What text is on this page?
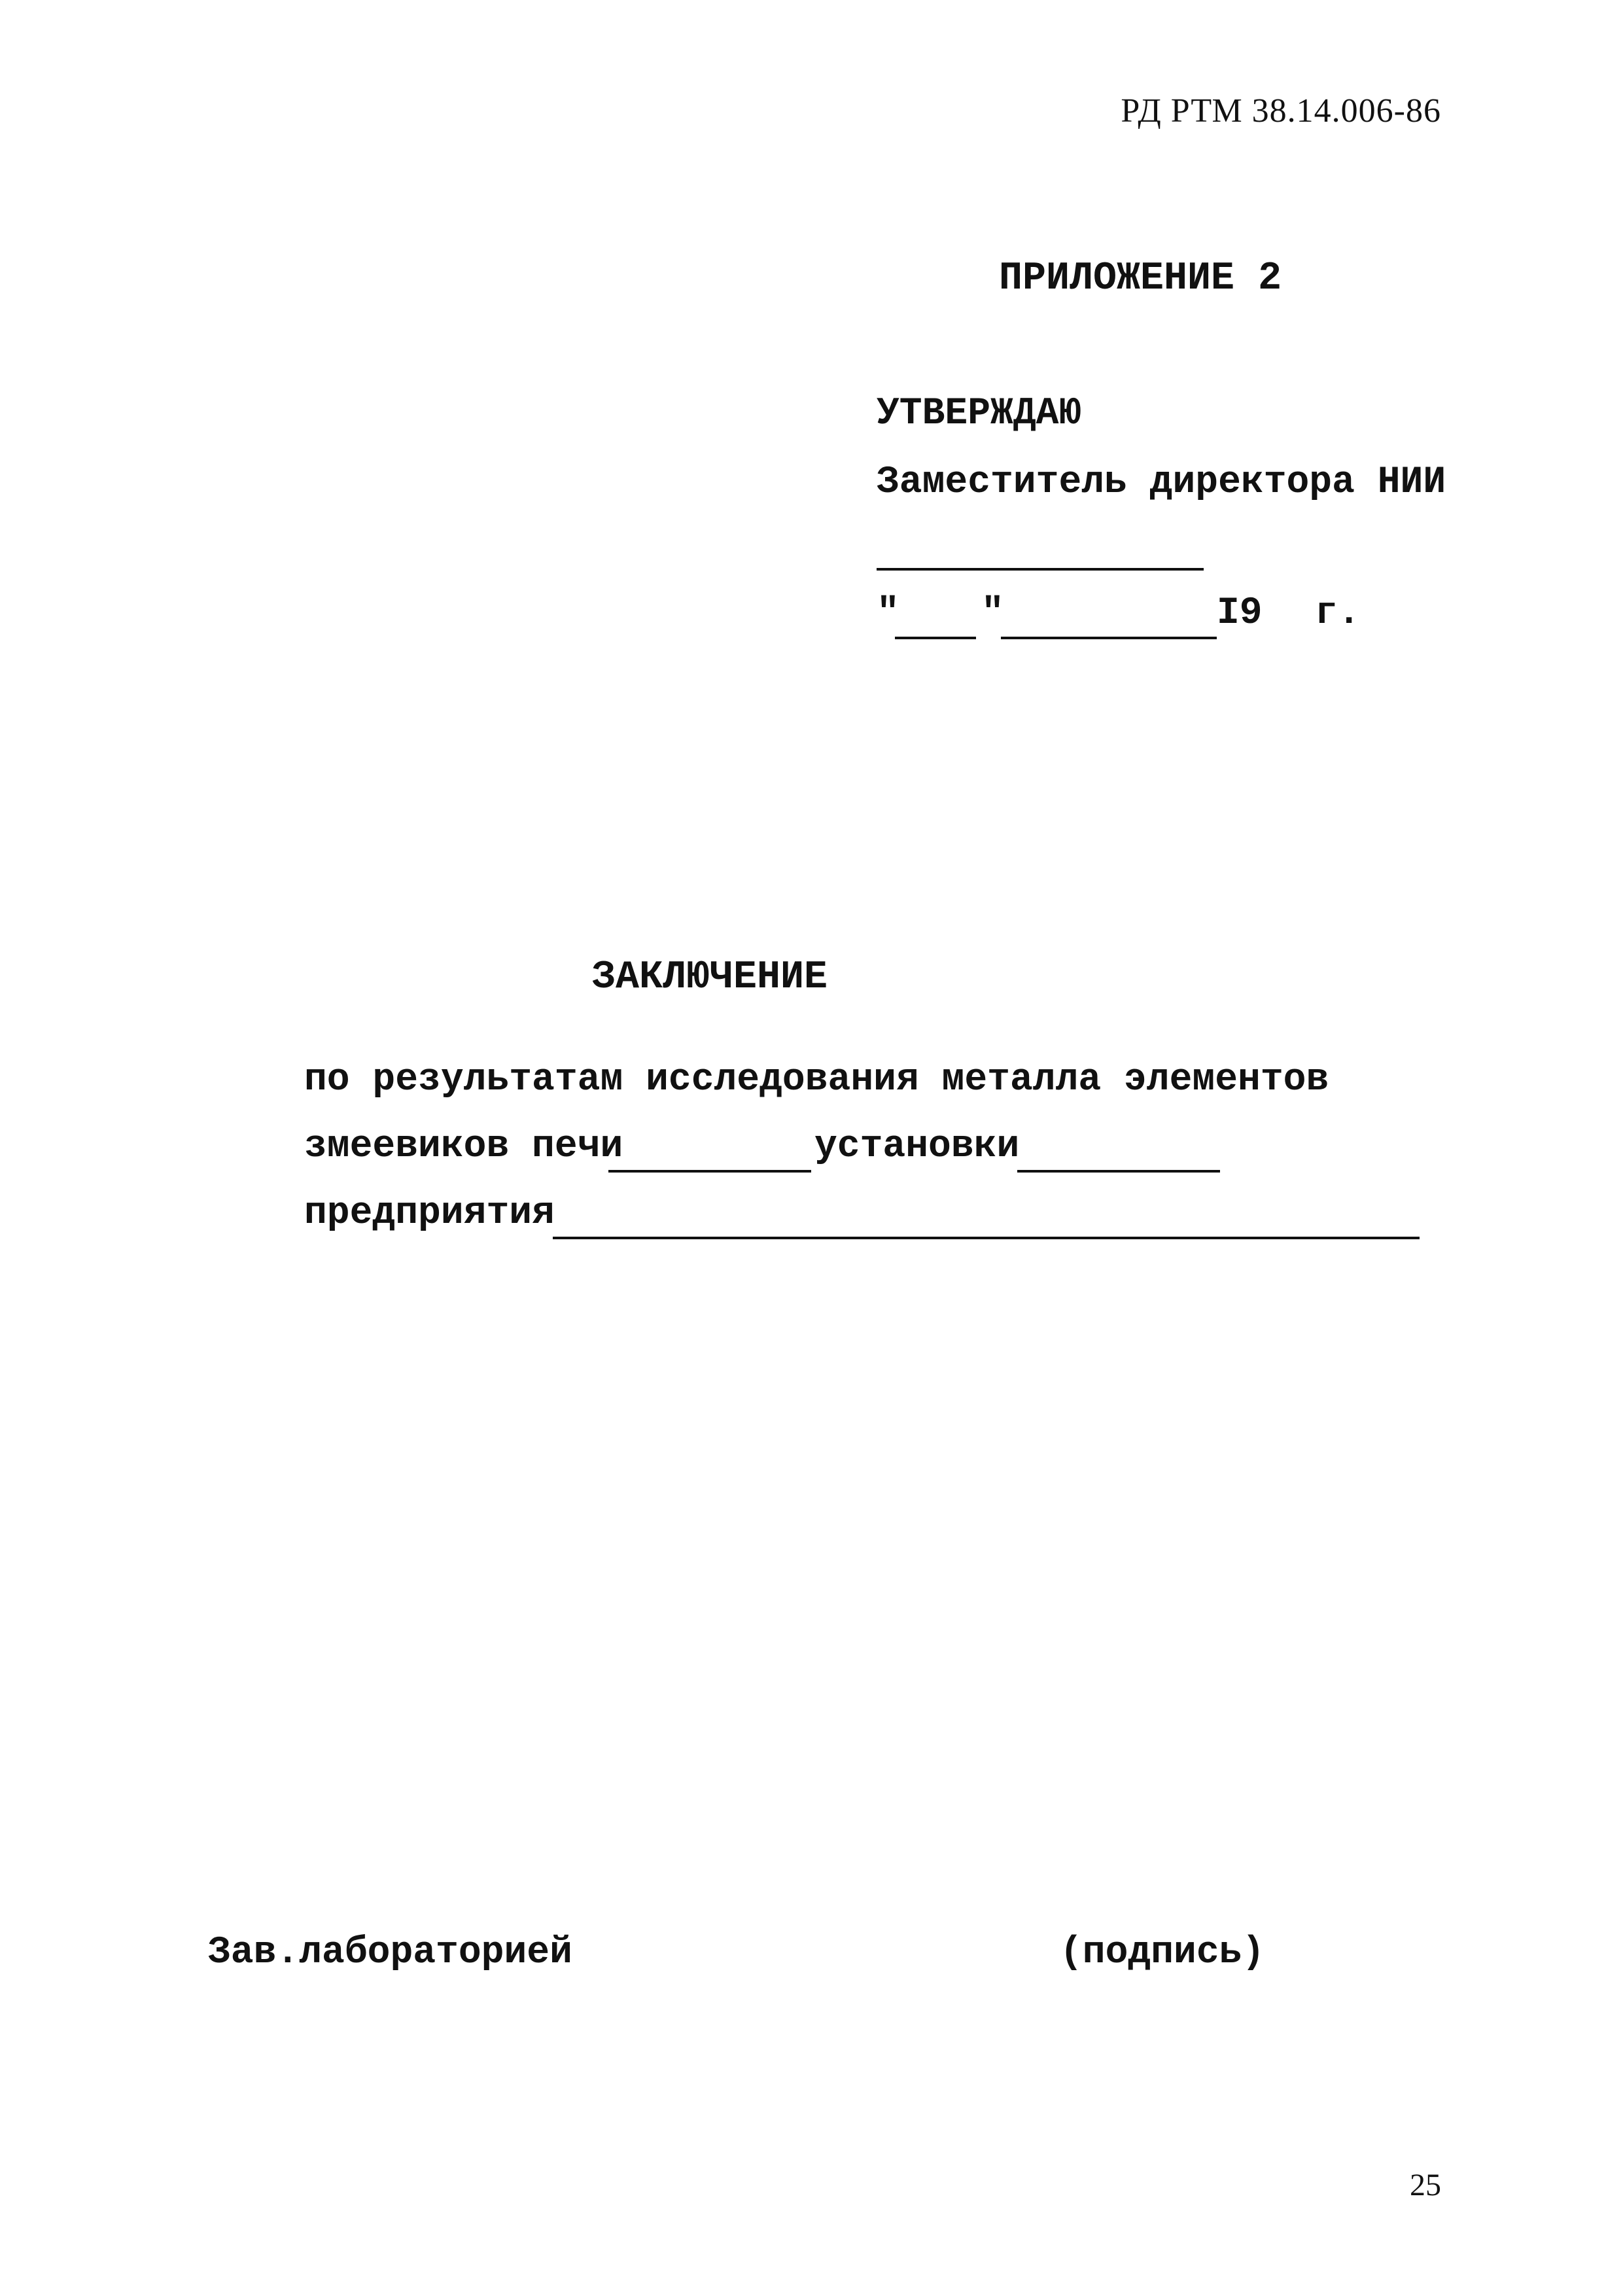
РД РТМ 38.14.006-86
ПРИЛОЖЕНИЕ 2
УТВЕРЖДАЮ
Заместитель директора НИИ
" "	I9 г.
ЗАКЛЮЧЕНИЕ
по результатам исследования металла элементов
змеевиков печи	установки
предприятия
Зав.лабораторией	(подпись)
25
